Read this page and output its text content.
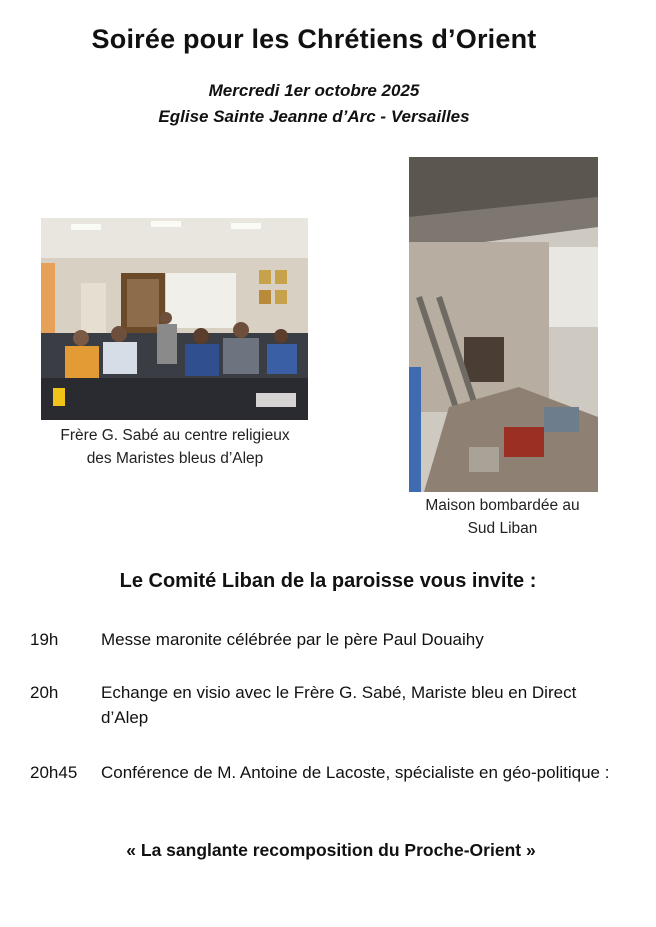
Soirée pour les Chrétiens d’Orient
Mercredi 1er octobre 2025
Eglise Sainte Jeanne d’Arc - Versailles
Frère G. Sabé au centre religieux
des Maristes bleus d’Alep
Maison bombardée au
Sud Liban
Le Comité Liban de la paroisse vous invite :
19h	Messe maronite célébrée par le père Paul Douaihy
20h	Echange en visio avec le Frère G. Sabé, Mariste bleu en Direct d’Alep
20h45 Conférence de M. Antoine de Lacoste, spécialiste en géo-politique :
« La sanglante recomposition du Proche-Orient »
